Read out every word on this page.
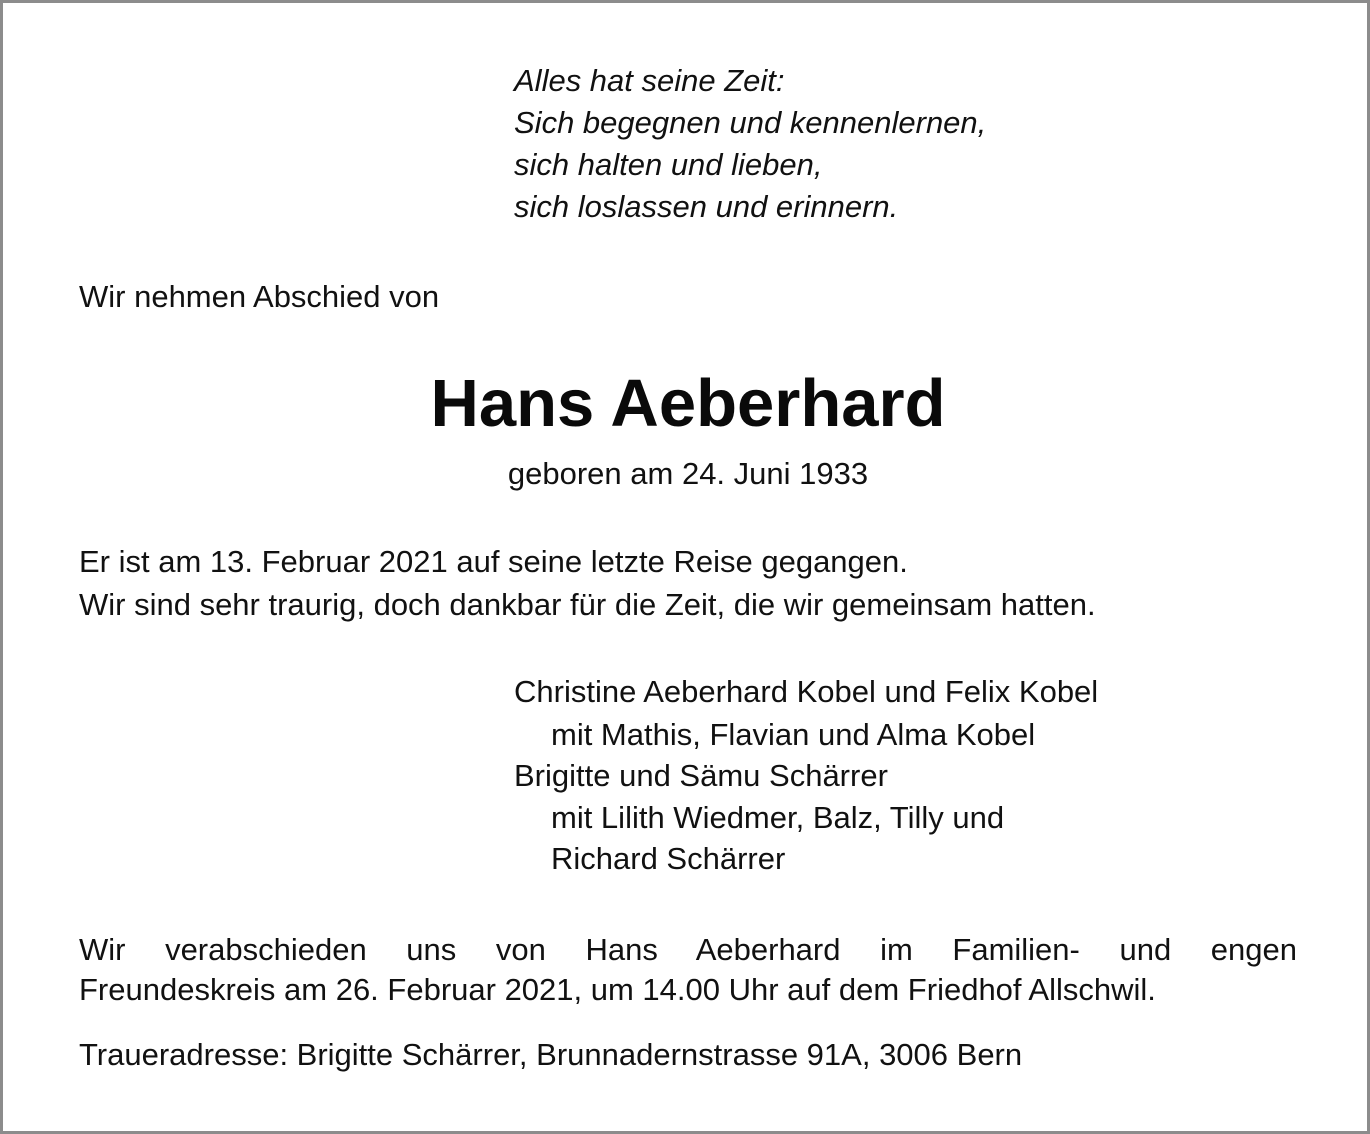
Alles hat seine Zeit:
Sich begegnen und kennenlernen,
sich halten und lieben,
sich loslassen und erinnern.
Wir nehmen Abschied von
Hans Aeberhard
geboren am 24. Juni 1933
Er ist am 13. Februar 2021 auf seine letzte Reise gegangen.
Wir sind sehr traurig, doch dankbar für die Zeit, die wir gemeinsam hatten.
Christine Aeberhard Kobel und Felix Kobel
mit Mathis, Flavian und Alma Kobel
Brigitte und Sämu Schärrer
mit Lilith Wiedmer, Balz, Tilly und
Richard Schärrer
Wir verabschieden uns von Hans Aeberhard im Familien- und engen
Freundeskreis am 26. Februar 2021, um 14.00 Uhr auf dem Friedhof Allschwil.
Traueradresse: Brigitte Schärrer, Brunnadernstrasse 91A, 3006 Bern
